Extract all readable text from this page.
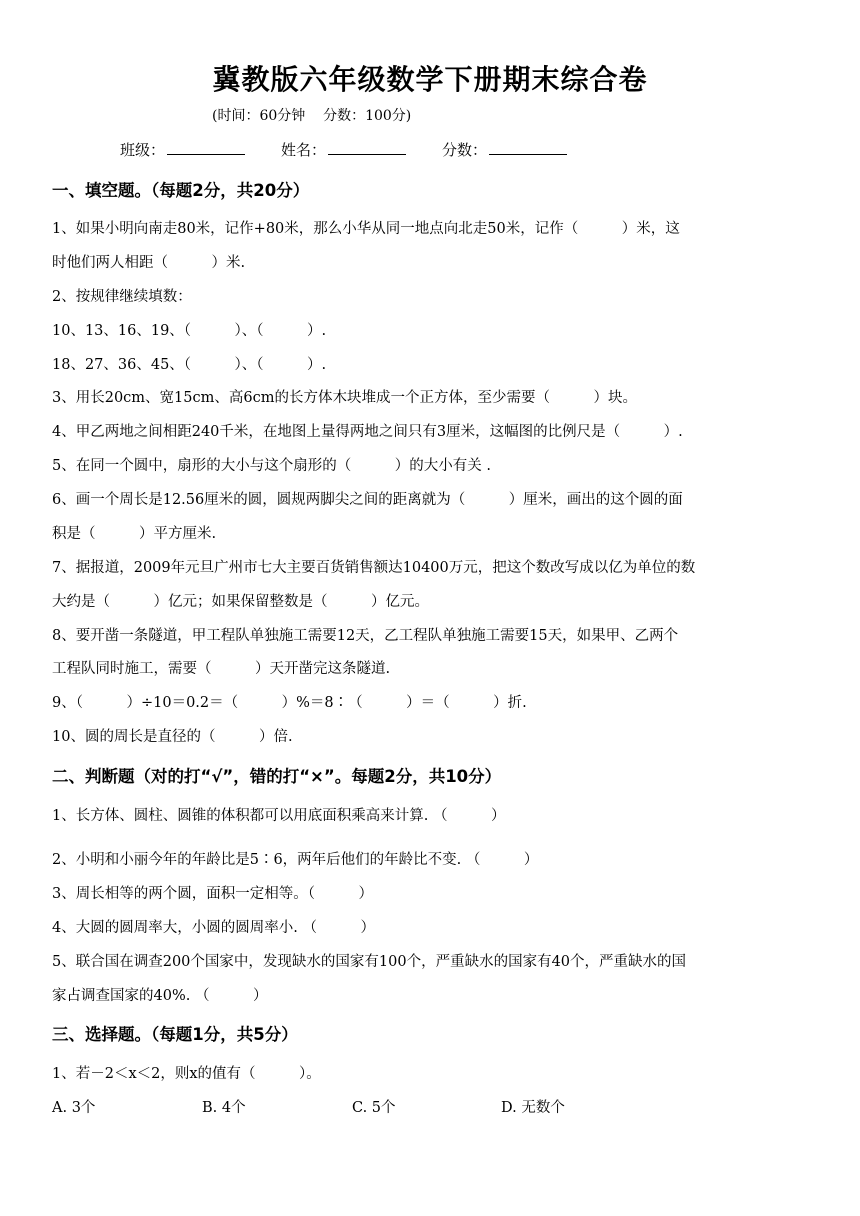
冀教版六年级数学下册期末综合卷
(时间：60分钟    分数：100分)
班级：	姓名：	分数：
一、填空题。（每题2分，共20分）
1、如果小明向南走80米，记作+80米，那么小华从同一地点向北走50米，记作（　　　）米，这
时他们两人相距（　　　）米.
2、按规律继续填数：
10、13、16、19、（　　　）、（　　　）.
18、27、36、45、（　　　）、（　　　）.
3、用长20cm、宽15cm、高6cm的长方体木块堆成一个正方体，至少需要（　　　）块。
4、甲乙两地之间相距240千米，在地图上量得两地之间只有3厘米，这幅图的比例尺是（　　　）.
5、在同一个圆中，扇形的大小与这个扇形的（　　　）的大小有关 .
6、画一个周长是12.56厘米的圆，圆规两脚尖之间的距离就为（　　　）厘米，画出的这个圆的面
积是（　　　）平方厘米.
7、据报道，2009年元旦广州市七大主要百货销售额达10400万元，把这个数改写成以亿为单位的数
大约是（　　　）亿元；如果保留整数是（　　　）亿元。
8、要开凿一条隧道，甲工程队单独施工需要12天，乙工程队单独施工需要15天，如果甲、乙两个
工程队同时施工，需要（　　　）天开凿完这条隧道.
9、（　　　）÷10＝0.2＝（　　　）%＝8∶（　　　）＝（　　　）折.
10、圆的周长是直径的（　　　）倍.
二、判断题（对的打“√”，错的打“×”。每题2分，共10分）
1、长方体、圆柱、圆锥的体积都可以用底面积乘高来计算. （　　　）
2、小明和小丽今年的年龄比是5∶6，两年后他们的年龄比不变. （　　　）
3、周长相等的两个圆，面积一定相等。（　　　）
4、大圆的圆周率大，小圆的圆周率小. （　　　）
5、联合国在调查200个国家中，发现缺水的国家有100个，严重缺水的国家有40个，严重缺水的国
家占调查国家的40%. （　　　）
三、选择题。（每题1分，共5分）
1、若－2＜x＜2，则x的值有（　　　）。
A. 3个	B. 4个	C. 5个	D. 无数个
